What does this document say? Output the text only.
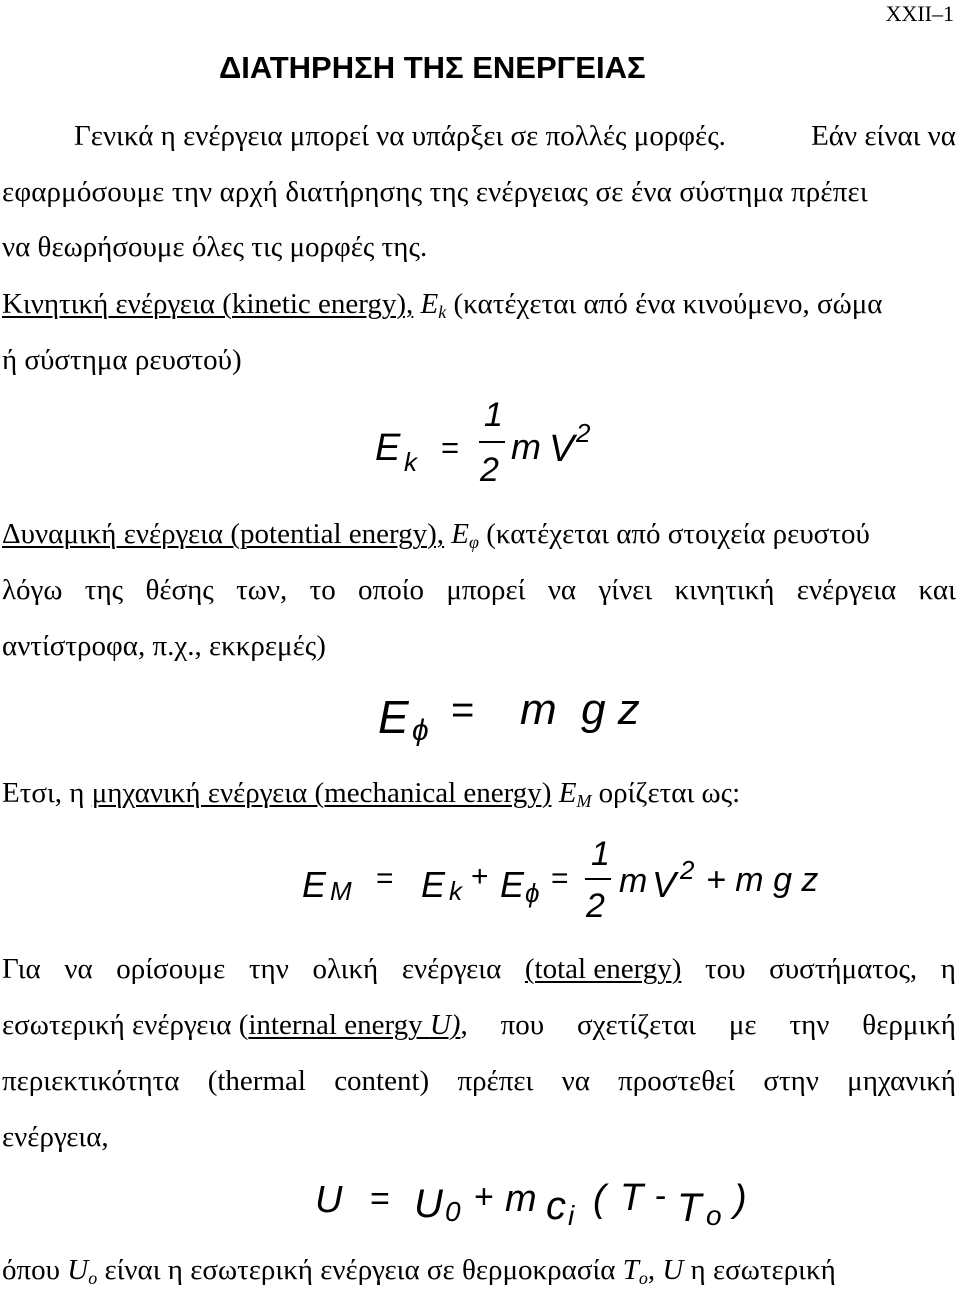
XXII–1
ΔΙΑΤΗΡΗΣΗ ΤΗΣ ΕΝΕΡΓΕΙΑΣ
Γενικά η ενέργεια μπορεί να υπάρξει σε πολλές μορφές.	Εάν είναι να
εφαρμόσουμε την αρχή διατήρησης της ενέργειας σε ένα σύστημα πρέπει
να θεωρήσουμε όλες τις μορφές της.
Κινητική ενέργεια (kinetic energy), $E_k$ (κατέχεται από ένα κινούμενο, σώμα
ή σύστημα ρευστού)
E k =
1
2
m V 2
Δυναμική ενέργεια (potential energy), $E_\varphi$ (κατέχεται από στοιχεία ρευστού
λόγω της θέσης των, το οποίο μπορεί να γίνει κινητική ενέργεια και
αντίστροφα, π.χ., εκκρεμές)
E ϕ = m  g z
Ετσι, η μηχανική ενέργεια (mechanical energy) $E_M$ ορίζεται ως:
E M = E k + E ϕ =
1
2
m V 2 + m g z
Για να ορίσουμε την ολική ενέργεια (total energy) του συστήματος, η
εσωτερική ενέργεια (internal energy U), που σχετίζεται με την θερμική
περιεκτικότητα (thermal content) πρέπει να προστεθεί στην μηχανική
ενέργεια,
U = U 0 + m c i ( T - T o )
όπου $U_o$ είναι η εσωτερική ενέργεια σε θερμοκρασία $T_o$, U η εσωτερική
